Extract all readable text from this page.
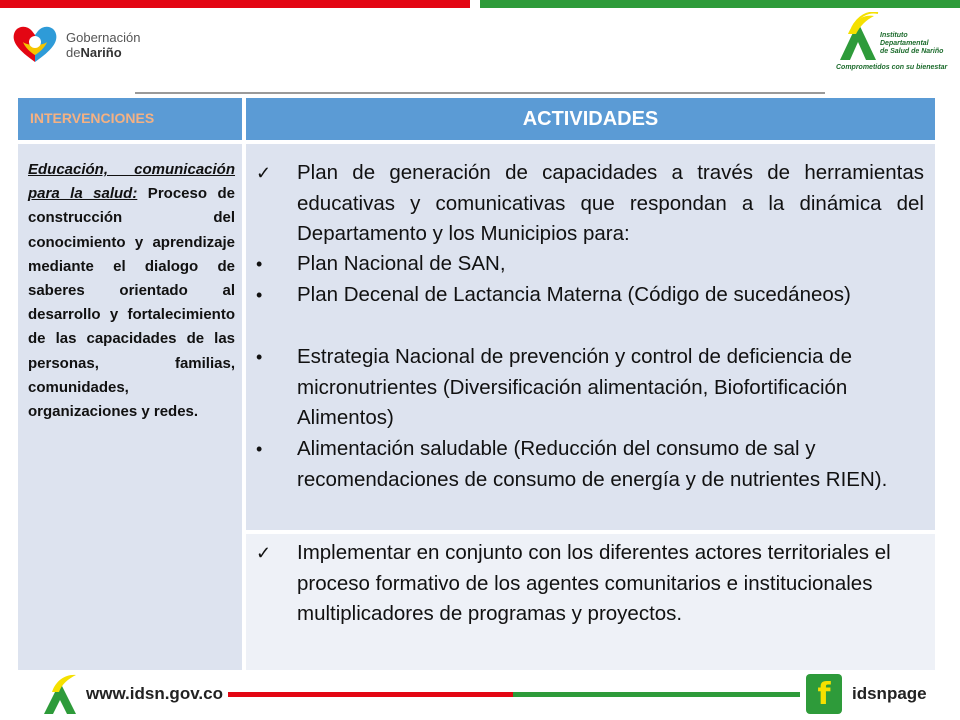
Gobernación
deNariño
Instituto
Departamental
de Salud de Nariño
Comprometidos con su bienestar
INTERVENCIONES	ACTIVIDADES
Educación, comunicación para la salud: Proceso de construcción del conocimiento y aprendizaje mediante el dialogo de saberes orientado al desarrollo y fortalecimiento de las capacidades de las personas, familias, comunidades, organizaciones y redes.
✓	Plan de generación de capacidades a través de herramientas educativas y comunicativas que respondan a la dinámica del Departamento y los Municipios para:
•	Plan Nacional de SAN,
•	Plan Decenal de Lactancia Materna (Código de sucedáneos)
•	Estrategia Nacional de prevención y control de deficiencia de micronutrientes (Diversificación alimentación, Biofortificación Alimentos)
•	Alimentación saludable (Reducción del consumo de sal y recomendaciones de consumo de energía y de nutrientes RIEN).
✓	Implementar en conjunto con los diferentes actores territoriales el proceso formativo de los agentes comunitarios e institucionales multiplicadores de programas y proyectos.
www.idsn.gov.co	f idsnpage
